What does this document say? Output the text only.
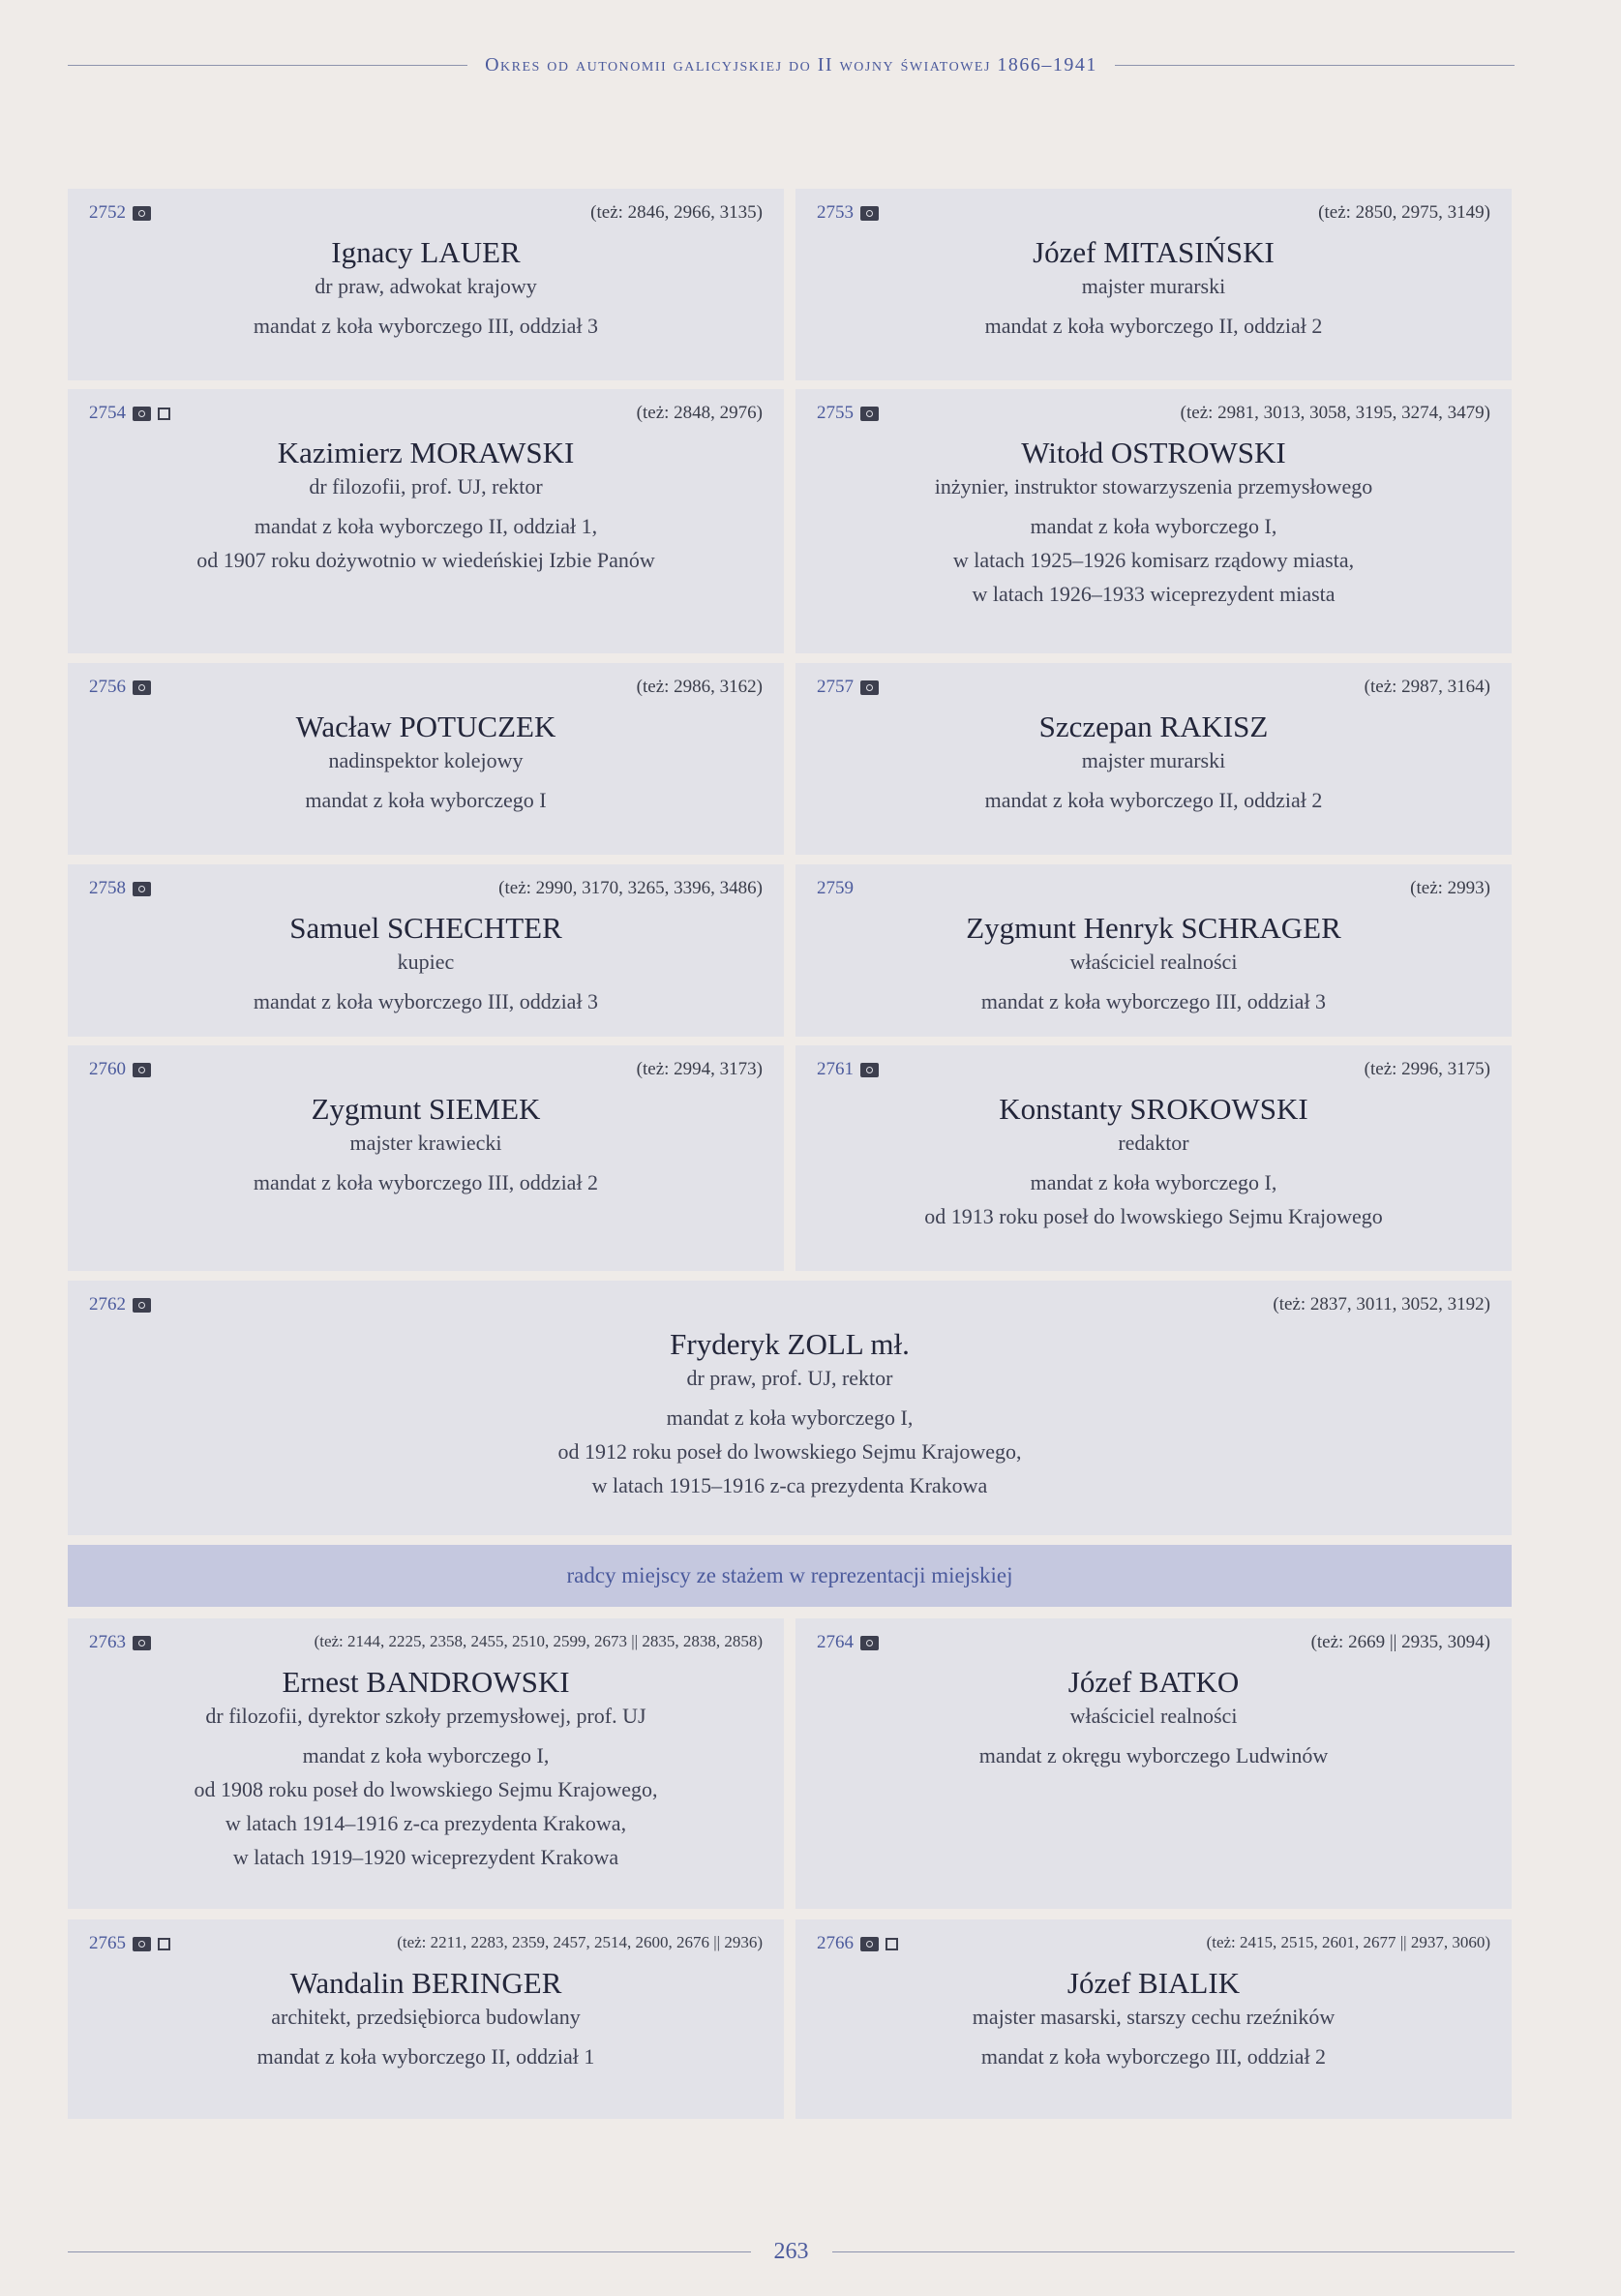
Okres od autonomii galicyjskiej do II wojny światowej 1866–1941
2752	(też: 2846, 2966, 3135)
Ignacy LAUER
dr praw, adwokat krajowy
mandat z koła wyborczego III, oddział 3
2753	(też: 2850, 2975, 3149)
Józef MITASIŃSKI
majster murarski
mandat z koła wyborczego II, oddział 2
2754	(też: 2848, 2976)
Kazimierz MORAWSKI
dr filozofii, prof. UJ, rektor
mandat z koła wyborczego II, oddział 1,
od 1907 roku dożywotnio w wiedeńskiej Izbie Panów
2755	(też: 2981, 3013, 3058, 3195, 3274, 3479)
Witołd OSTROWSKI
inżynier, instruktor stowarzyszenia przemysłowego
mandat z koła wyborczego I,
w latach 1925–1926 komisarz rządowy miasta,
w latach 1926–1933 wiceprezydent miasta
2756	(też: 2986, 3162)
Wacław POTUCZEK
nadinspektor kolejowy
mandat z koła wyborczego I
2757	(też: 2987, 3164)
Szczepan RAKISZ
majster murarski
mandat z koła wyborczego II, oddział 2
2758	(też: 2990, 3170, 3265, 3396, 3486)
Samuel SCHECHTER
kupiec
mandat z koła wyborczego III, oddział 3
2759	(też: 2993)
Zygmunt Henryk SCHRAGER
właściciel realności
mandat z koła wyborczego III, oddział 3
2760	(też: 2994, 3173)
Zygmunt SIEMEK
majster krawiecki
mandat z koła wyborczego III, oddział 2
2761	(też: 2996, 3175)
Konstanty SROKOWSKI
redaktor
mandat z koła wyborczego I,
od 1913 roku poseł do lwowskiego Sejmu Krajowego
2762	(też: 2837, 3011, 3052, 3192)
Fryderyk ZOLL mł.
dr praw, prof. UJ, rektor
mandat z koła wyborczego I,
od 1912 roku poseł do lwowskiego Sejmu Krajowego,
w latach 1915–1916 z-ca prezydenta Krakowa
radcy miejscy ze stażem w reprezentacji miejskiej
2763	(też: 2144, 2225, 2358, 2455, 2510, 2599, 2673 || 2835, 2838, 2858)
Ernest BANDROWSKI
dr filozofii, dyrektor szkoły przemysłowej, prof. UJ
mandat z koła wyborczego I,
od 1908 roku poseł do lwowskiego Sejmu Krajowego,
w latach 1914–1916 z-ca prezydenta Krakowa,
w latach 1919–1920 wiceprezydent Krakowa
2764	(też: 2669 || 2935, 3094)
Józef BATKO
właściciel realności
mandat z okręgu wyborczego Ludwinów
2765	(też: 2211, 2283, 2359, 2457, 2514, 2600, 2676 || 2936)
Wandalin BERINGER
architekt, przedsiębiorca budowlany
mandat z koła wyborczego II, oddział 1
2766	(też: 2415, 2515, 2601, 2677 || 2937, 3060)
Józef BIALIK
majster masarski, starszy cechu rzeźników
mandat z koła wyborczego III, oddział 2
263
